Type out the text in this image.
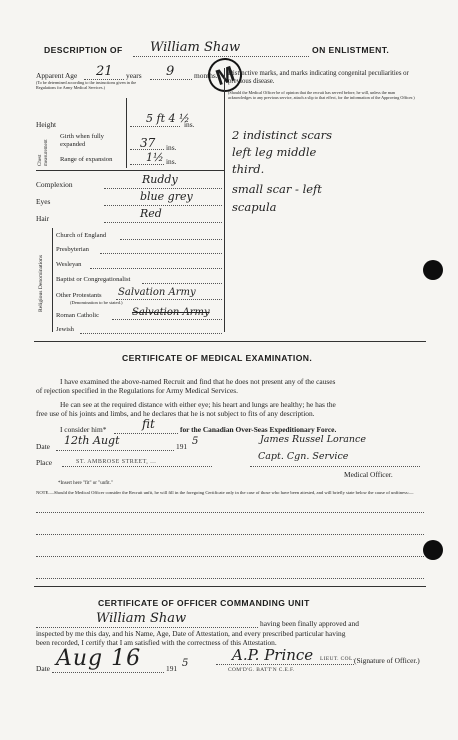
DESCRIPTION OF William Shaw	ON ENLISTMENT.
Apparent Age 21 years 9	months.
(To be determined according to the instructions given in the Regulations for Army Medical Services.)	M
Distinctive marks, and marks indicating congenital peculiarities or previous disease.
(Should the Medical Officer be of opinion that the recruit has served before, he will, unless the man acknowledges to any previous service, attach a slip to that effect, for the information of the Approving Officer.)
Height	5 ft 4 ½
ins.
Chest measurement
Girth when fully expanded	37 ins.
Range of expansion	1½ ins.
Complexion	Ruddy
Eyes	blue grey
Hair	Red
2 indistinct scars
left leg middle
third.
small scar - left
scapula
Religious Denominations
Church of England
Presbyterian
Wesleyan
Baptist or Congregationalist
Other Protestants Salvation Army
(Denomination to be stated.)
Roman Catholic	Salvation Army
Jewish
CERTIFICATE OF MEDICAL EXAMINATION.
I have examined the above-named Recruit and find that he does not present any of the causes
of rejection specified in the Regulations for Army Medical Services.
He can see at the required distance with either eye; his heart and lungs are healthy; he has the
free use of his joints and limbs, and he declares that he is not subject to fits of any description.
I consider him*	fit	for the Canadian Over-Seas Expeditionary Force.
Date 12th Augt	191 5	James Russel Lorance
Place	ST. AMBROSE STREET, ...	Capt. Cgn. Service
Medical Officer.
*Insert here "fit" or "unfit."
NOTE.—Should the Medical Officer consider the Recruit unfit, he will fill in the foregoing Certificate only in the case of those who have been attested, and will briefly state below the cause of unfitness:—
CERTIFICATE OF OFFICER COMMANDING UNIT
William Shaw	having been finally approved and
inspected by me this day, and his Name, Age, Date of Attestation, and every prescribed particular having
been recorded, I certify that I am satisfied with the correctness of this Attestation.
A.P. Prince LIEUT. COL. (Signature of Officer.)
Date Aug 16	191 5
COM'D'G. BATT'N C.E.F.
